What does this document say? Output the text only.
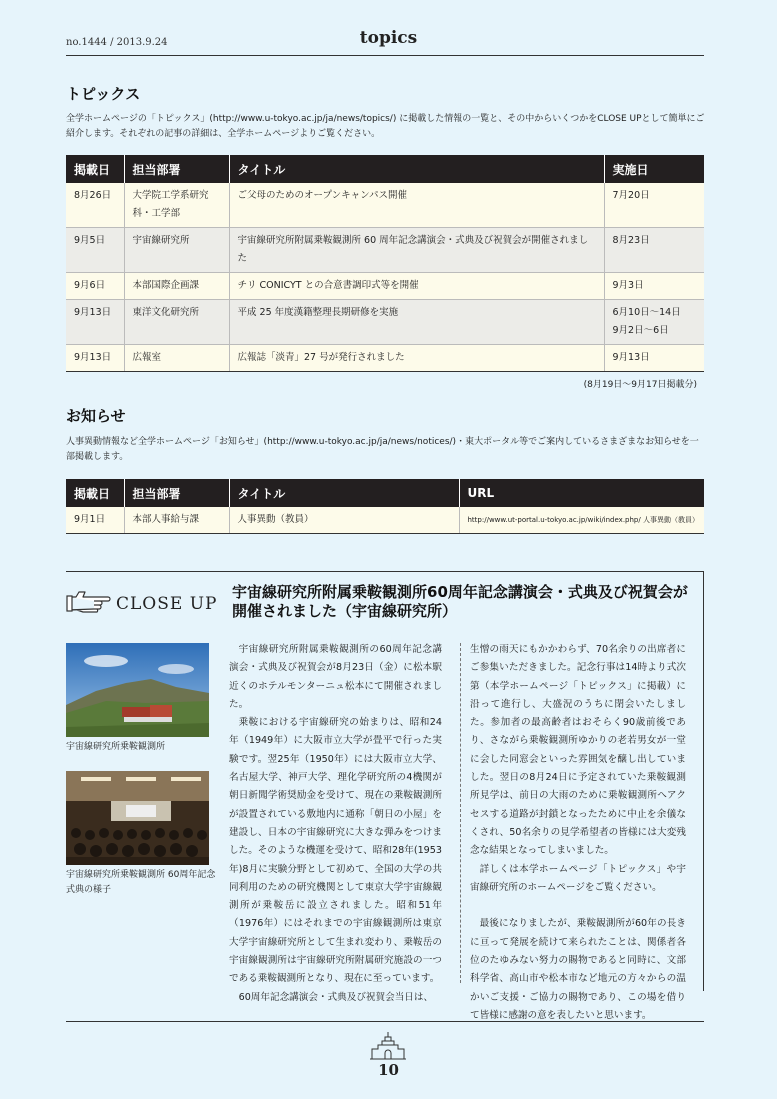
no.1444 / 2013.9.24	topics
トピックス
全学ホームページの「トピックス」(http://www.u-tokyo.ac.jp/ja/news/topics/) に掲載した情報の一覧と、その中からいくつかをCLOSE UPとして簡単にご紹介します。それぞれの記事の詳細は、全学ホームページよりご覧ください。
掲載日	担当部署	タイトル	実施日
8月26日	大学院工学系研究科・工学部	ご父母のためのオープンキャンパス開催	7月20日
9月5日	宇宙線研究所	宇宙線研究所附属乗鞍観測所 60 周年記念講演会・式典及び祝賀会が開催されました	8月23日
9月6日	本部国際企画課	チリ CONICYT との合意書調印式等を開催	9月3日
9月13日	東洋文化研究所	平成 25 年度漢籍整理長期研修を実施	6月10日～14日
9月2日～6日
9月13日	広報室	広報誌「淡青」27 号が発行されました	9月13日
(8月19日～9月17日掲載分)
お知らせ
人事異動情報など全学ホームページ「お知らせ」(http://www.u-tokyo.ac.jp/ja/news/notices/)・東大ポータル等でご案内しているさまざまなお知らせを一部掲載します。
掲載日	担当部署	タイトル	URL
9月1日	本部人事給与課	人事異動（教員）	http://www.ut-portal.u-tokyo.ac.jp/wiki/index.php/ 人事異動（教員）
CLOSE UP
宇宙線研究所附属乗鞍観測所60周年記念講演会・式典及び祝賀会が開催されました（宇宙線研究所）
宇宙線研究所乗鞍観測所
宇宙線研究所乗鞍観測所 60周年記念式典の様子

宇宙線研究所附属乗鞍観測所の60周年記念講演会・式典及び祝賀会が8月23日（金）に松本駅近くのホテルモンターニュ松本にて開催されました。

乗鞍における宇宙線研究の始まりは、昭和24年（1949年）に大阪市立大学が畳平で行った実験です。翌25年（1950年）には大阪市立大学、名古屋大学、神戸大学、理化学研究所の4機関が朝日新聞学術奨励金を受けて、現在の乗鞍観測所が設置されている敷地内に通称「朝日の小屋」を建設し、日本の宇宙線研究に大きな弾みをつけました。そのような機運を受けて、昭和28年(1953年)8月に実験分野として初めて、全国の大学の共同利用のための研究機関として東京大学宇宙線観測所が乗鞍岳に設立されました。昭和51年（1976年）にはそれまでの宇宙線観測所は東京大学宇宙線研究所として生まれ変わり、乗鞍岳の宇宙線観測所は宇宙線研究所附属研究施設の一つである乗鞍観測所となり、現在に至っています。

60周年記念講演会・式典及び祝賀会当日は、

生憎の雨天にもかかわらず、70名余りの出席者にご参集いただきました。記念行事は14時より式次第（本学ホームページ「トピックス」に掲載）に沿って進行し、大盛況のうちに閉会いたしました。参加者の最高齢者はおそらく90歳前後であり、さながら乗鞍観測所ゆかりの老若男女が一堂に会した同窓会といった雰囲気を醸し出していました。翌日の8月24日に予定されていた乗鞍観測所見学は、前日の大雨のために乗鞍観測所へアクセスする道路が封鎖となったために中止を余儀なくされ、50名余りの見学希望者の皆様には大変残念な結果となってしまいました。

詳しくは本学ホームページ「トピックス」や宇宙線研究所のホームページをご覧ください。

最後になりましたが、乗鞍観測所が60年の長きに亘って発展を続けて来られたことは、関係者各位のたゆみない努力の賜物であると同時に、文部科学省、高山市や松本市など地元の方々からの温かいご支援・ご協力の賜物であり、この場を借りて皆様に感謝の意を表したいと思います。

10
